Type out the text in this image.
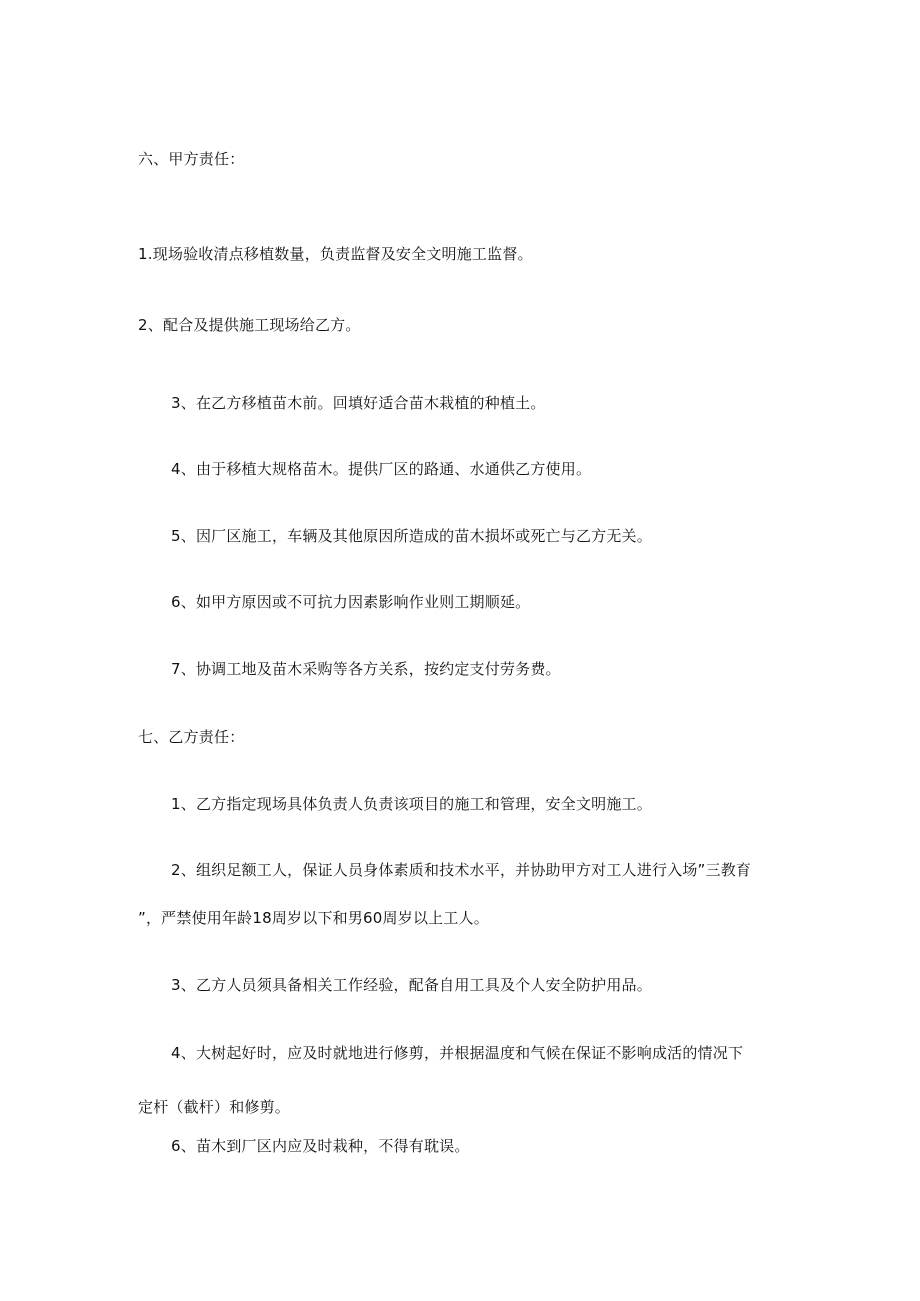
六、甲方责任：
1.现场验收清点移植数量，负责监督及安全文明施工监督。
2、配合及提供施工现场给乙方。
3、在乙方移植苗木前。回填好适合苗木栽植的种植土。
4、由于移植大规格苗木。提供厂区的路通、水通供乙方使用。
5、因厂区施工，车辆及其他原因所造成的苗木损坏或死亡与乙方无关。
6、如甲方原因或不可抗力因素影响作业则工期顺延。
7、协调工地及苗木采购等各方关系，按约定支付劳务费。
七、乙方责任：
1、乙方指定现场具体负责人负责该项目的施工和管理，安全文明施工。
2、组织足额工人，保证人员身体素质和技术水平，并协助甲方对工人进行入场”三教育
”，严禁使用年龄18周岁以下和男60周岁以上工人。
3、乙方人员须具备相关工作经验，配备自用工具及个人安全防护用品。
4、大树起好时，应及时就地进行修剪，并根据温度和气候在保证不影响成活的情况下
定杆（截杆）和修剪。
6、苗木到厂区内应及时栽种，不得有耽误。
